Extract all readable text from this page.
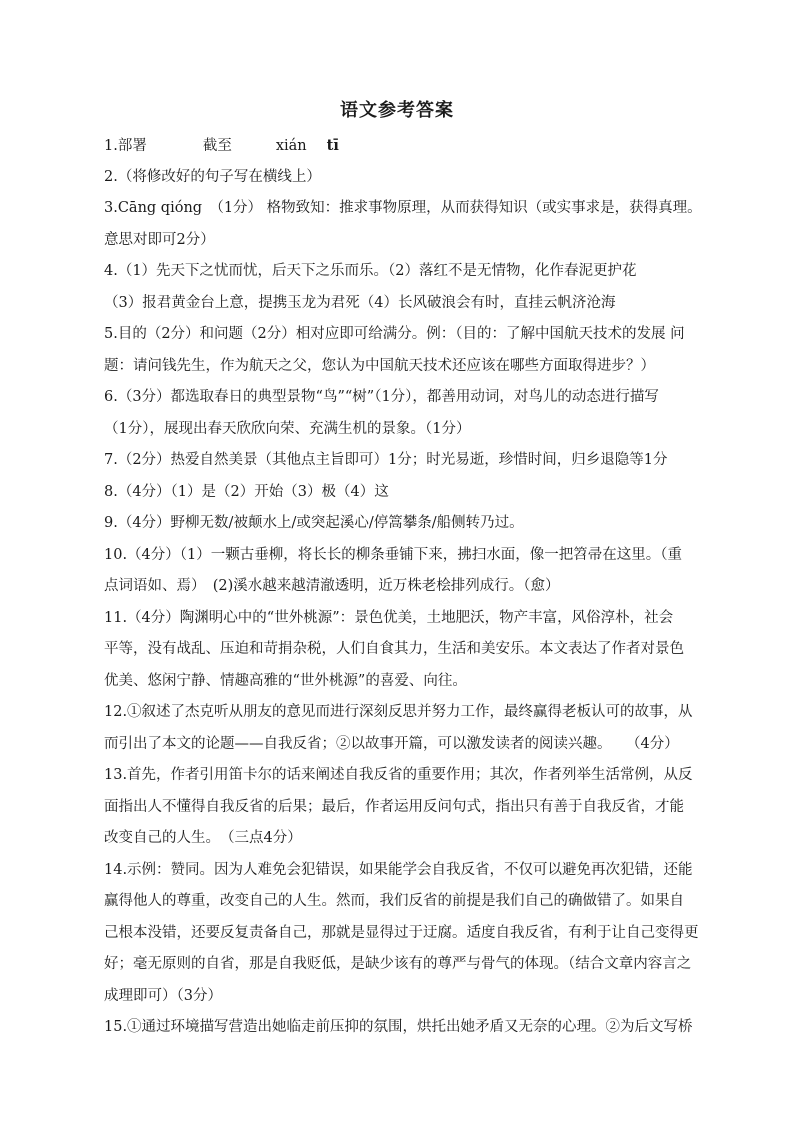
语文参考答案
1.部署	截至	xián tī
2.（将修改好的句子写在横线上）
3.Cāng qióng　（1分） 格物致知：推求事物原理，从而获得知识（或实事求是，获得真理。
意思对即可2分）
4.（1）先天下之忧而忧，后天下之乐而乐。（2）落红不是无情物，化作春泥更护花
（3）报君黄金台上意，提携玉龙为君死（4）长风破浪会有时，直挂云帆济沧海
5.目的（2分）和问题（2分）相对应即可给满分。例：（目的：了解中国航天技术的发展 问
题：请问钱先生，作为航天之父，您认为中国航天技术还应该在哪些方面取得进步？）
6.（3分）都选取春日的典型景物“鸟”“树”（1分），都善用动词，对鸟儿的动态进行描写
（1分），展现出春天欣欣向荣、充满生机的景象。（1分）
7.（2分）热爱自然美景（其他点主旨即可）1分；时光易逝，珍惜时间，归乡退隐等1分
8.（4分）（1）是（2）开始（3）极（4）这
9.（4分）野柳无数/被颠水上/或突起溪心/停篙攀条/船侧转乃过。
10.（4分）（1）一颗古垂柳，将长长的柳条垂铺下来，拂扫水面，像一把笤帚在这里。（重
点词语如、焉）　(2)溪水越来越清澈透明，近万株老桧排列成行。（愈）
11.（4分）陶渊明心中的“世外桃源”：景色优美，土地肥沃，物产丰富，风俗淳朴，社会
平等，没有战乱、压迫和苛捐杂税，人们自食其力，生活和美安乐。本文表达了作者对景色
优美、悠闲宁静、情趣高雅的“世外桃源”的喜爱、向往。
12.①叙述了杰克听从朋友的意见而进行深刻反思并努力工作，最终赢得老板认可的故事，从
而引出了本文的论题——自我反省；②以故事开篇，可以激发读者的阅读兴趣。　　（4分）
13.首先，作者引用笛卡尔的话来阐述自我反省的重要作用；其次，作者列举生活常例，从反
面指出人不懂得自我反省的后果；最后，作者运用反问句式，指出只有善于自我反省，才能
改变自己的人生。　（三点4分）
14.示例：赞同。因为人难免会犯错误，如果能学会自我反省，不仅可以避免再次犯错，还能
赢得他人的尊重，改变自己的人生。然而，我们反省的前提是我们自己的确做错了。如果自
己根本没错，还要反复责备自己，那就是显得过于迂腐。适度自我反省，有利于让自己变得更
好；毫无原则的自省，那是自我贬低，是缺少该有的尊严与骨气的体现。（结合文章内容言之
成理即可）（3分）
15.①通过环境描写营造出她临走前压抑的氛围，烘托出她矛盾又无奈的心理。②为后文写桥
